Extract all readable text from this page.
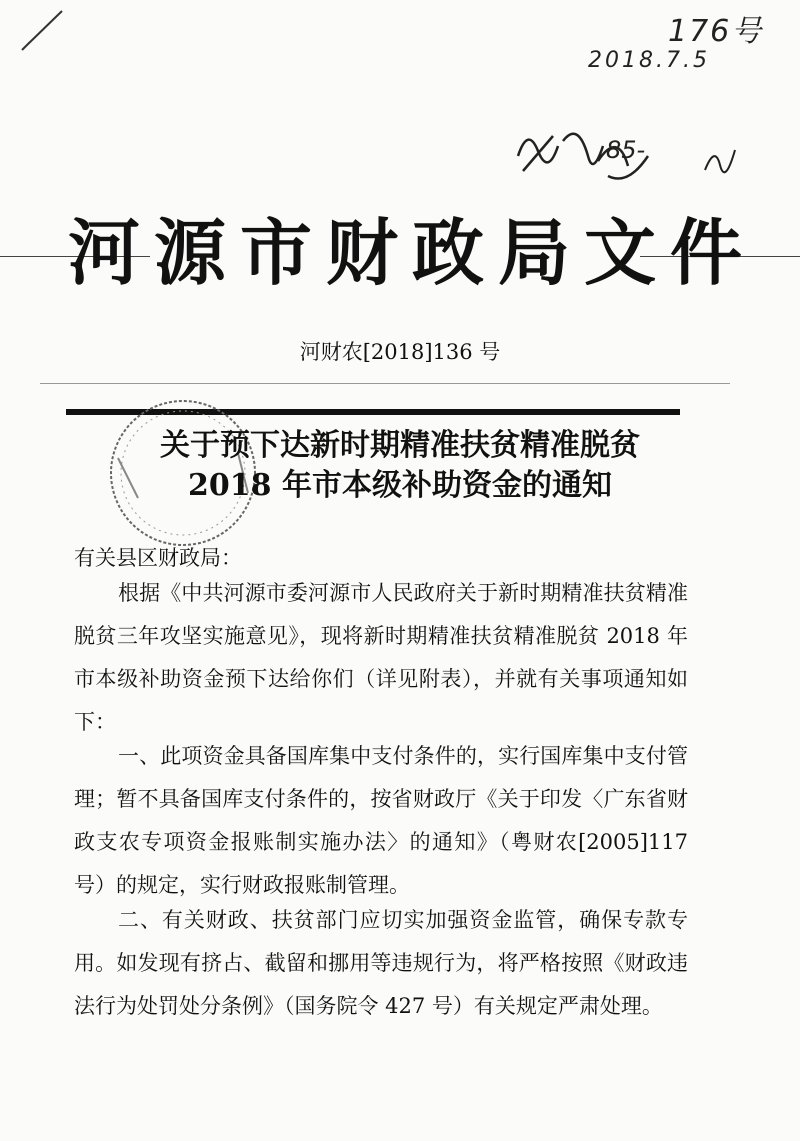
176号
2018.7.5
85-
河源市财政局文件
河财农[2018]136 号
关于预下达新时期精准扶贫精准脱贫
2018 年市本级补助资金的通知
有关县区财政局：
根据《中共河源市委河源市人民政府关于新时期精准扶贫精准脱贫三年攻坚实施意见》，现将新时期精准扶贫精准脱贫 2018 年市本级补助资金预下达给你们（详见附表），并就有关事项通知如下：
一、此项资金具备国库集中支付条件的，实行国库集中支付管理；暂不具备国库支付条件的，按省财政厅《关于印发〈广东省财政支农专项资金报账制实施办法〉的通知》（粤财农[2005]117 号）的规定，实行财政报账制管理。
二、有关财政、扶贫部门应切实加强资金监管，确保专款专用。如发现有挤占、截留和挪用等违规行为，将严格按照《财政违法行为处罚处分条例》（国务院令 427 号）有关规定严肃处理。
